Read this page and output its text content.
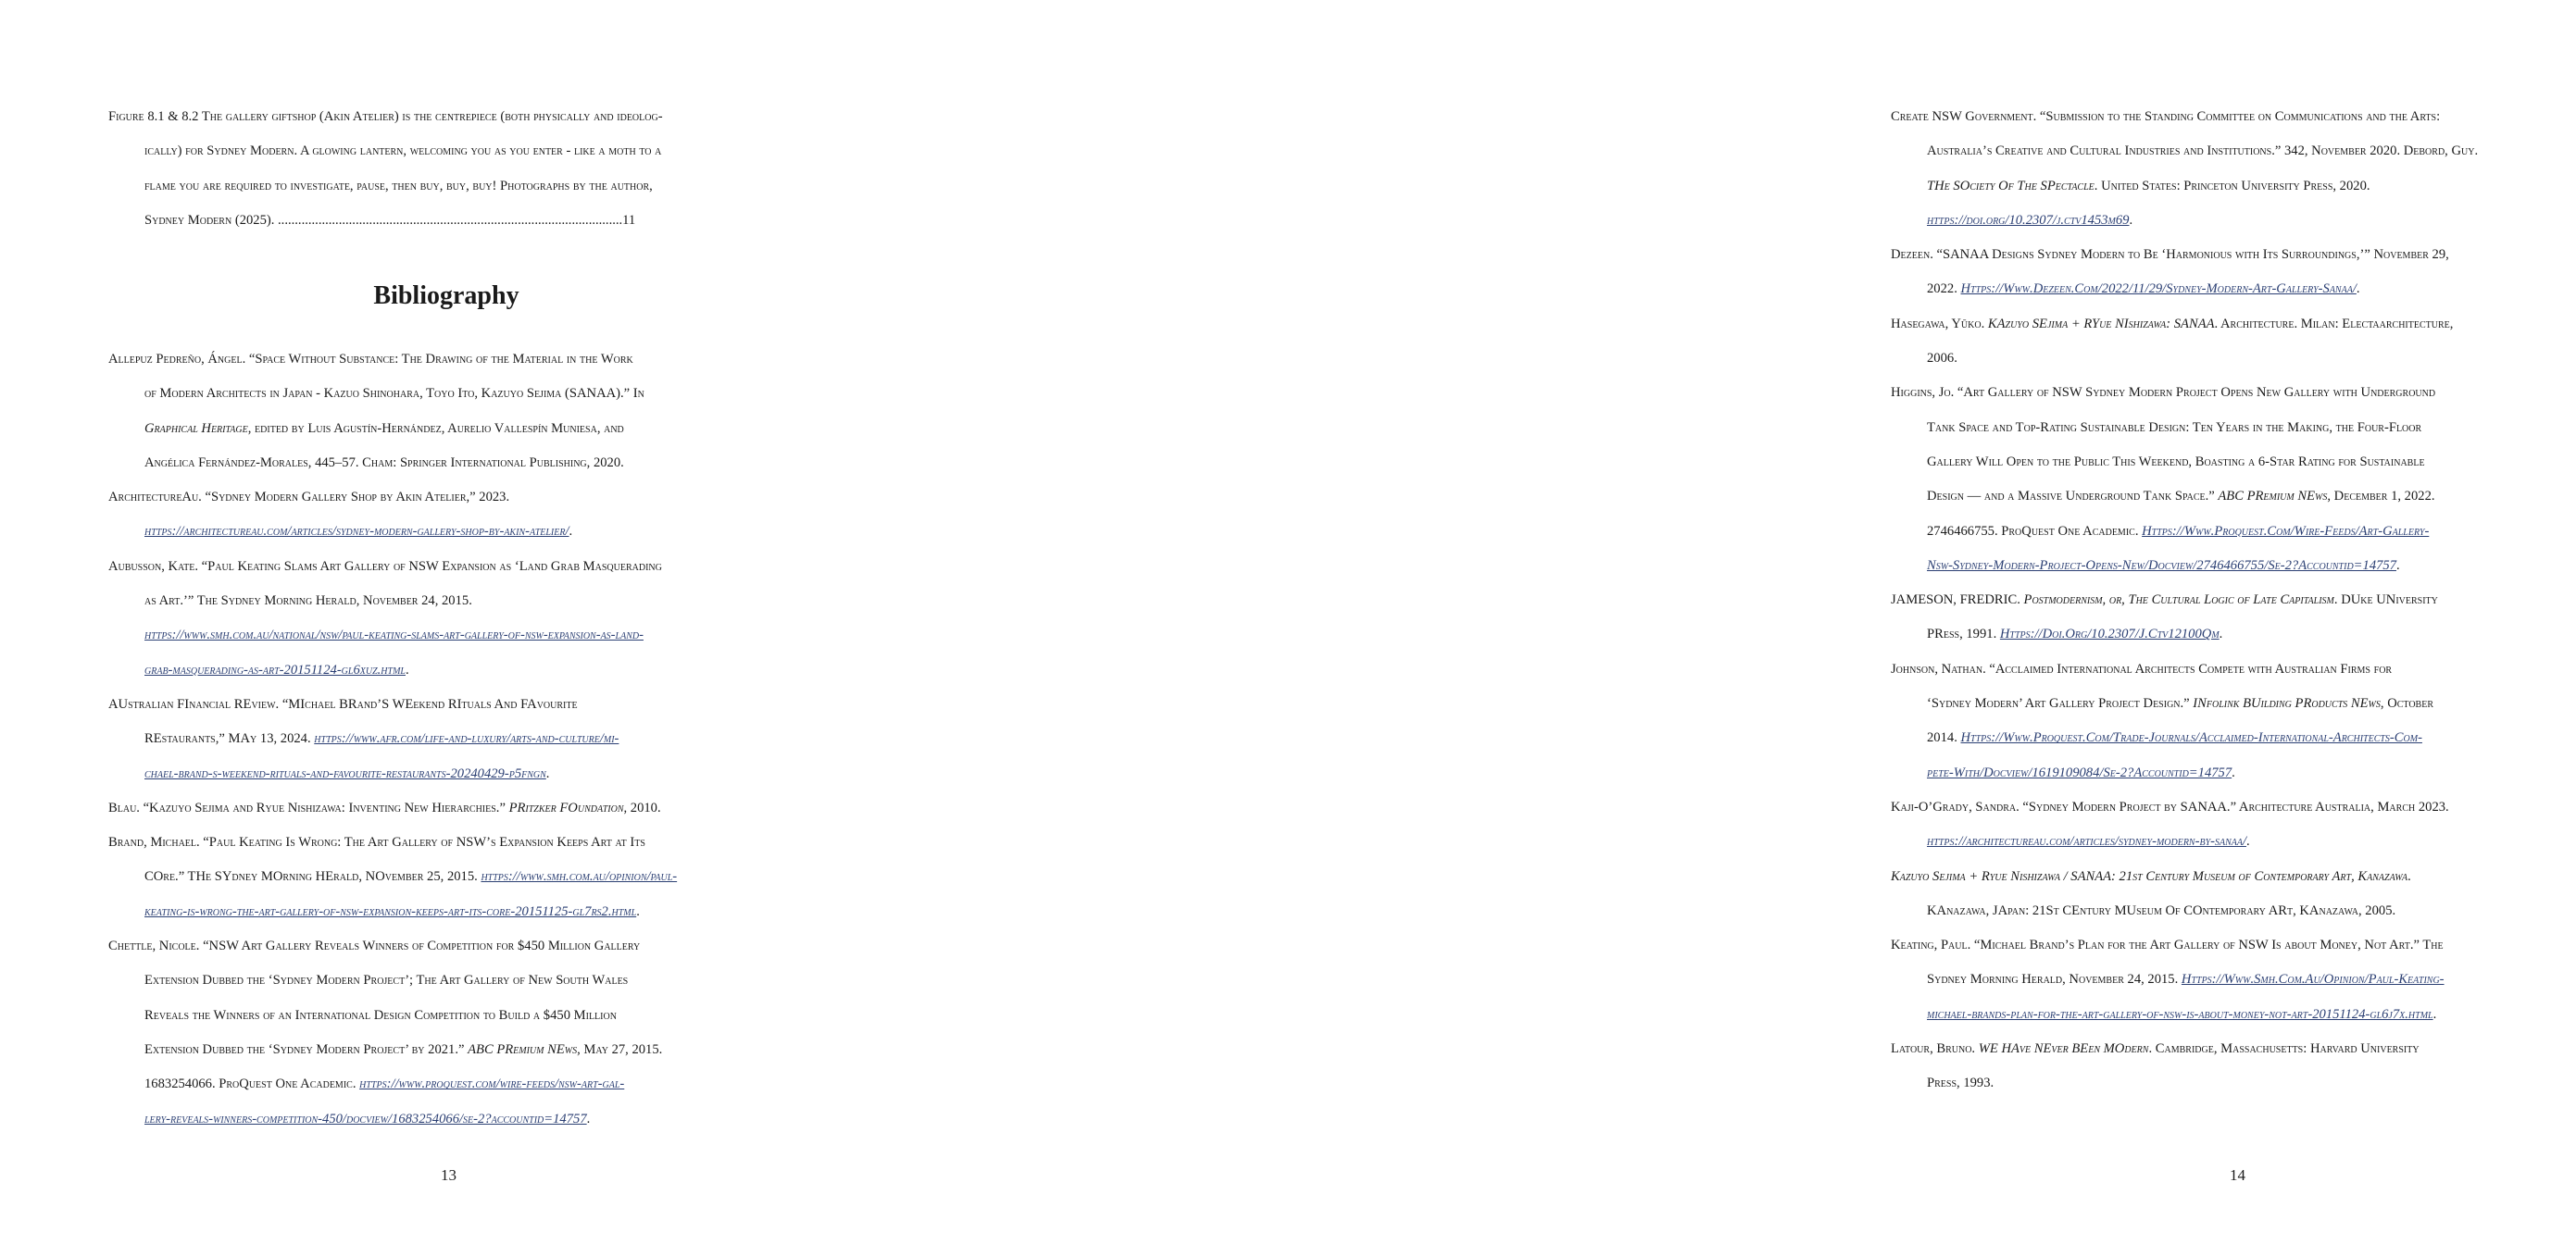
Figure 8.1 & 8.2 The gallery giftshop (Akin Atelier) is the centrepiece (both physically and ideolog-
ically) for Sydney Modern. A glowing lantern, welcoming you as you enter - like a moth to a
flame you are required to investigate, pause, then buy, buy, buy! Photographs by the author,
Sydney Modern (2025). ......................................................................................................11
Bibliography
Allepuz Pedreño, Ángel. “Space Without Substance: The Drawing of the Material in the Work
of Modern Architects in Japan - Kazuo Shinohara, Toyo Ito, Kazuyo Sejima (SANAA).” In
Graphical Heritage, edited by Luis Agustín-Hernández, Aurelio Vallespín Muniesa, and
Angélica Fernández-Morales, 445–57. Cham: Springer International Publishing, 2020.
ArchitectureAu. “Sydney Modern Gallery Shop by Akin Atelier,” 2023.
https://architectureau.com/articles/sydney-modern-gallery-shop-by-akin-atelier/.
Aubusson, Kate. “Paul Keating Slams Art Gallery of NSW Expansion as ‘Land Grab Masquerading
as Art.’” The Sydney Morning Herald, November 24, 2015.
https://www.smh.com.au/national/nsw/paul-keating-slams-art-gallery-of-nsw-expansion-as-land-
grab-masquerading-as-art-20151124-gl6xuz.html.
AUstralian FInancial REview. “MIchael BRand’S WEekend RItuals And FAvourite
REstaurants,” MAy 13, 2024. https://www.afr.com/life-and-luxury/arts-and-culture/mi-
chael-brand-s-weekend-rituals-and-favourite-restaurants-20240429-p5fngn.
Blau. “Kazuyo Sejima and Ryue Nishizawa: Inventing New Hierarchies.” PRitzker FOundation, 2010.
Brand, Michael. “Paul Keating Is Wrong: The Art Gallery of NSW’s Expansion Keeps Art at Its
COre.” THe SYdney MOrning HErald, NOvember 25, 2015. https://www.smh.com.au/opinion/paul-
keating-is-wrong-the-art-gallery-of-nsw-expansion-keeps-art-its-core-20151125-gl7rs2.html.
Chettle, Nicole. “NSW Art Gallery Reveals Winners of Competition for $450 Million Gallery
Extension Dubbed the ‘Sydney Modern Project’; The Art Gallery of New South Wales
Reveals the Winners of an International Design Competition to Build a $450 Million
Extension Dubbed the ‘Sydney Modern Project’ by 2021.” ABC PRemium NEws, May 27, 2015.
1683254066. ProQuest One Academic. https://www.proquest.com/wire-feeds/nsw-art-gal-
lery-reveals-winners-competition-450/docview/1683254066/se-2?accountid=14757.
13
Create NSW Government. “Submission to the Standing Committee on Communications and the Arts:
Australia’s Creative and Cultural Industries and Institutions.” 342, November 2020. Debord, Guy.
THe SOciety Of The SPectacle. United States: Princeton University Press, 2020.
https://doi.org/10.2307/j.ctv1453m69.
Dezeen. “SANAA Designs Sydney Modern to Be ‘Harmonious with Its Surroundings,’” November 29,
2022. Https://Www.Dezeen.Com/2022/11/29/Sydney-Modern-Art-Gallery-Sanaa/.
Hasegawa, Yūko. KAzuyo SEjima + RYue NIshizawa: SANAA. Architecture. Milan: Electaarchitecture,
2006.
Higgins, Jo. “Art Gallery of NSW Sydney Modern Project Opens New Gallery with Underground
Tank Space and Top-Rating Sustainable Design: Ten Years in the Making, the Four-Floor
Gallery Will Open to the Public This Weekend, Boasting a 6-Star Rating for Sustainable
Design — and a Massive Underground Tank Space.” ABC PRemium NEws, December 1, 2022.
2746466755. ProQuest One Academic. Https://Www.Proquest.Com/Wire-Feeds/Art-Gallery-
Nsw-Sydney-Modern-Project-Opens-New/Docview/2746466755/Se-2?Accountid=14757.
JAMESON, FREDRIC. Postmodernism, or, The Cultural Logic of Late Capitalism. DUke UNiversity
PRess, 1991. Https://Doi.Org/10.2307/J.Ctv12100Qm.
Johnson, Nathan. “Acclaimed International Architects Compete with Australian Firms for
‘Sydney Modern’ Art Gallery Project Design.” INfolink BUilding PRoducts NEws, October
2014. Https://Www.Proquest.Com/Trade-Journals/Acclaimed-International-Architects-Com-
pete-With/Docview/1619109084/Se-2?Accountid=14757.
Kaji-O’Grady, Sandra. “Sydney Modern Project by SANAA.” Architecture Australia, March 2023.
https://architectureau.com/articles/sydney-modern-by-sanaa/.
Kazuyo Sejima + Ryue Nishizawa / SANAA: 21st Century Museum of Contemporary Art, Kanazawa.
KAnazawa, JApan: 21St CEntury MUseum Of COntemporary ARt, KAnazawa, 2005.
Keating, Paul. “Michael Brand’s Plan for the Art Gallery of NSW Is about Money, Not Art.” The
Sydney Morning Herald, November 24, 2015. Https://Www.Smh.Com.Au/Opinion/Paul-Keating-
michael-brands-plan-for-the-art-gallery-of-nsw-is-about-money-not-art-20151124-gl6j7x.html.
Latour, Bruno. WE HAve NEver BEen MOdern. Cambridge, Massachusetts: Harvard University
Press, 1993.
14
